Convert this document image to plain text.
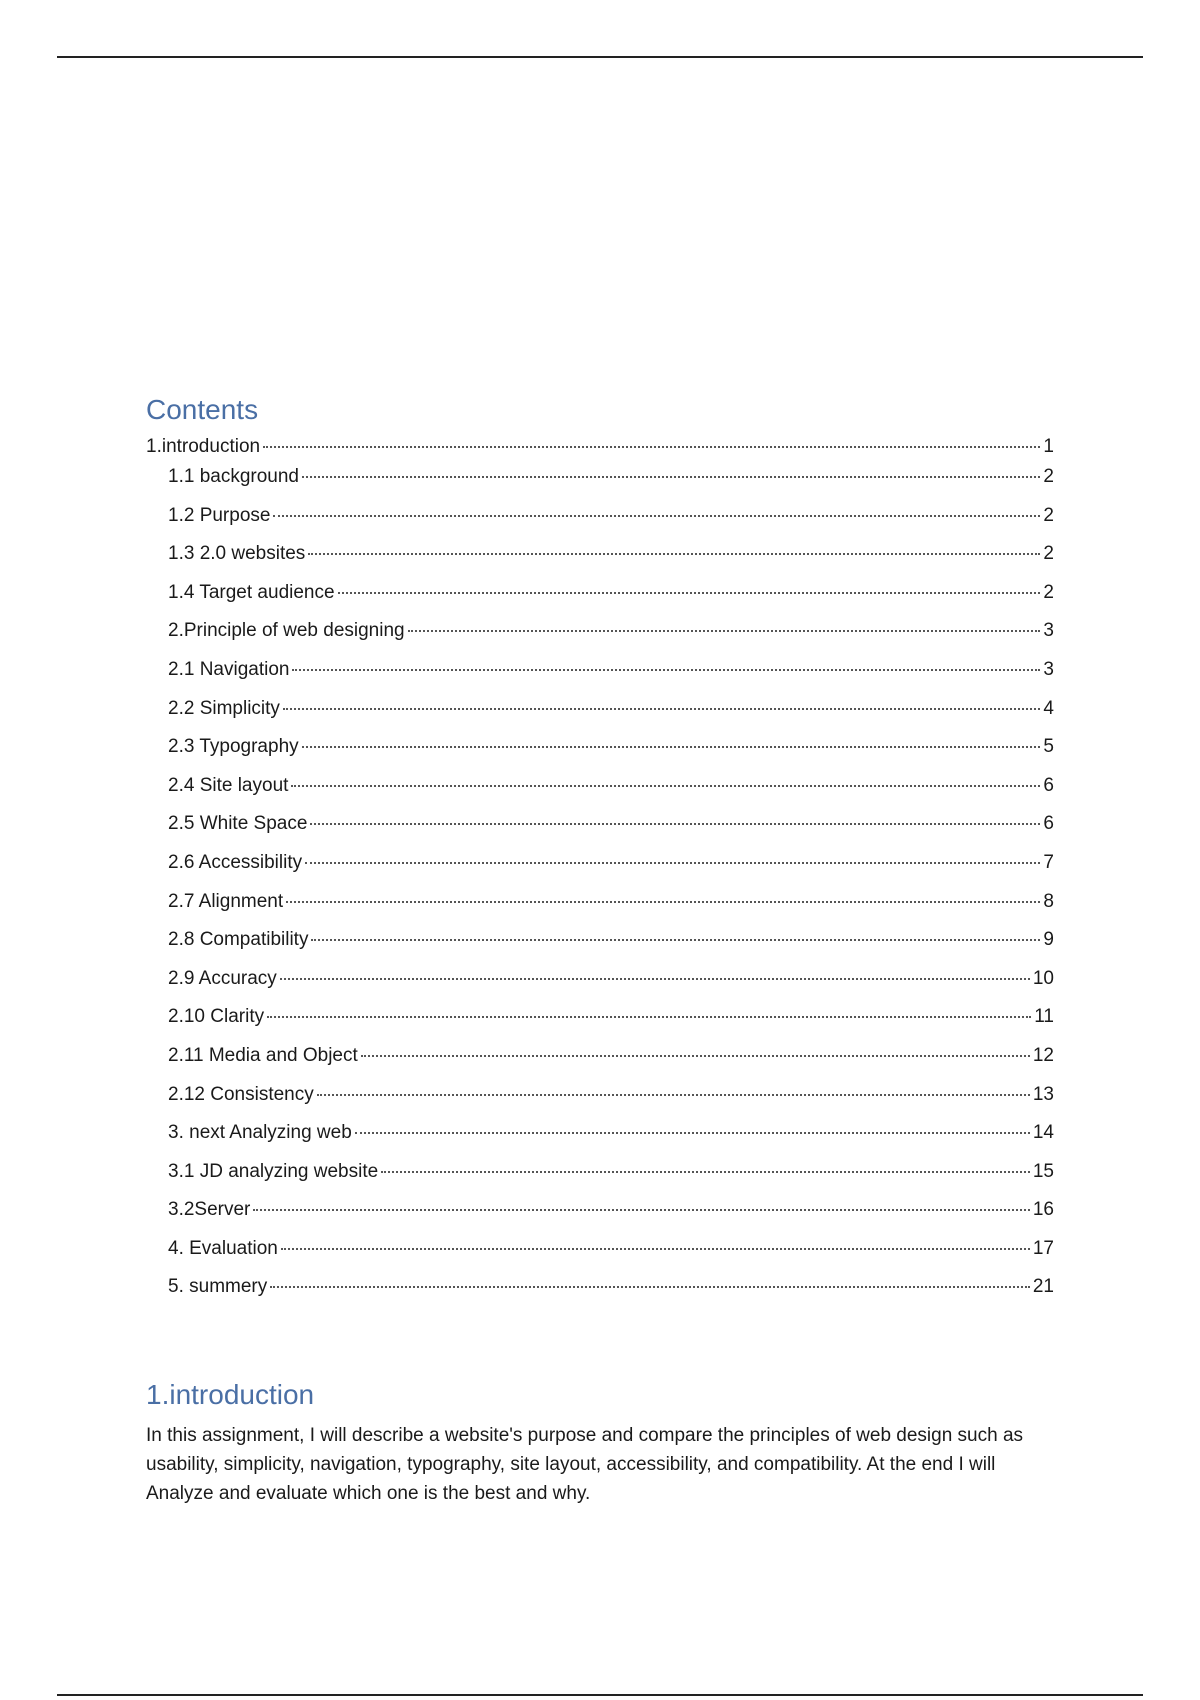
Contents
1.introduction	1
1.1 background	2
1.2 Purpose	2
1.3 2.0 websites	2
1.4 Target audience	2
2.Principle of web designing	3
2.1 Navigation	3
2.2 Simplicity	4
2.3 Typography	5
2.4 Site layout	6
2.5 White Space	6
2.6 Accessibility	7
2.7 Alignment	8
2.8 Compatibility	9
2.9 Accuracy	10
2.10 Clarity	11
2.11 Media and Object	12
2.12 Consistency	13
3. next Analyzing web	14
3.1 JD analyzing website	15
3.2Server	16
4. Evaluation	17
5. summery	21
1.introduction

In this assignment, I will describe a website's purpose and compare the principles of web design such as usability, simplicity, navigation, typography, site layout, accessibility, and compatibility. At the end I will Analyze and evaluate which one is the best and why.
